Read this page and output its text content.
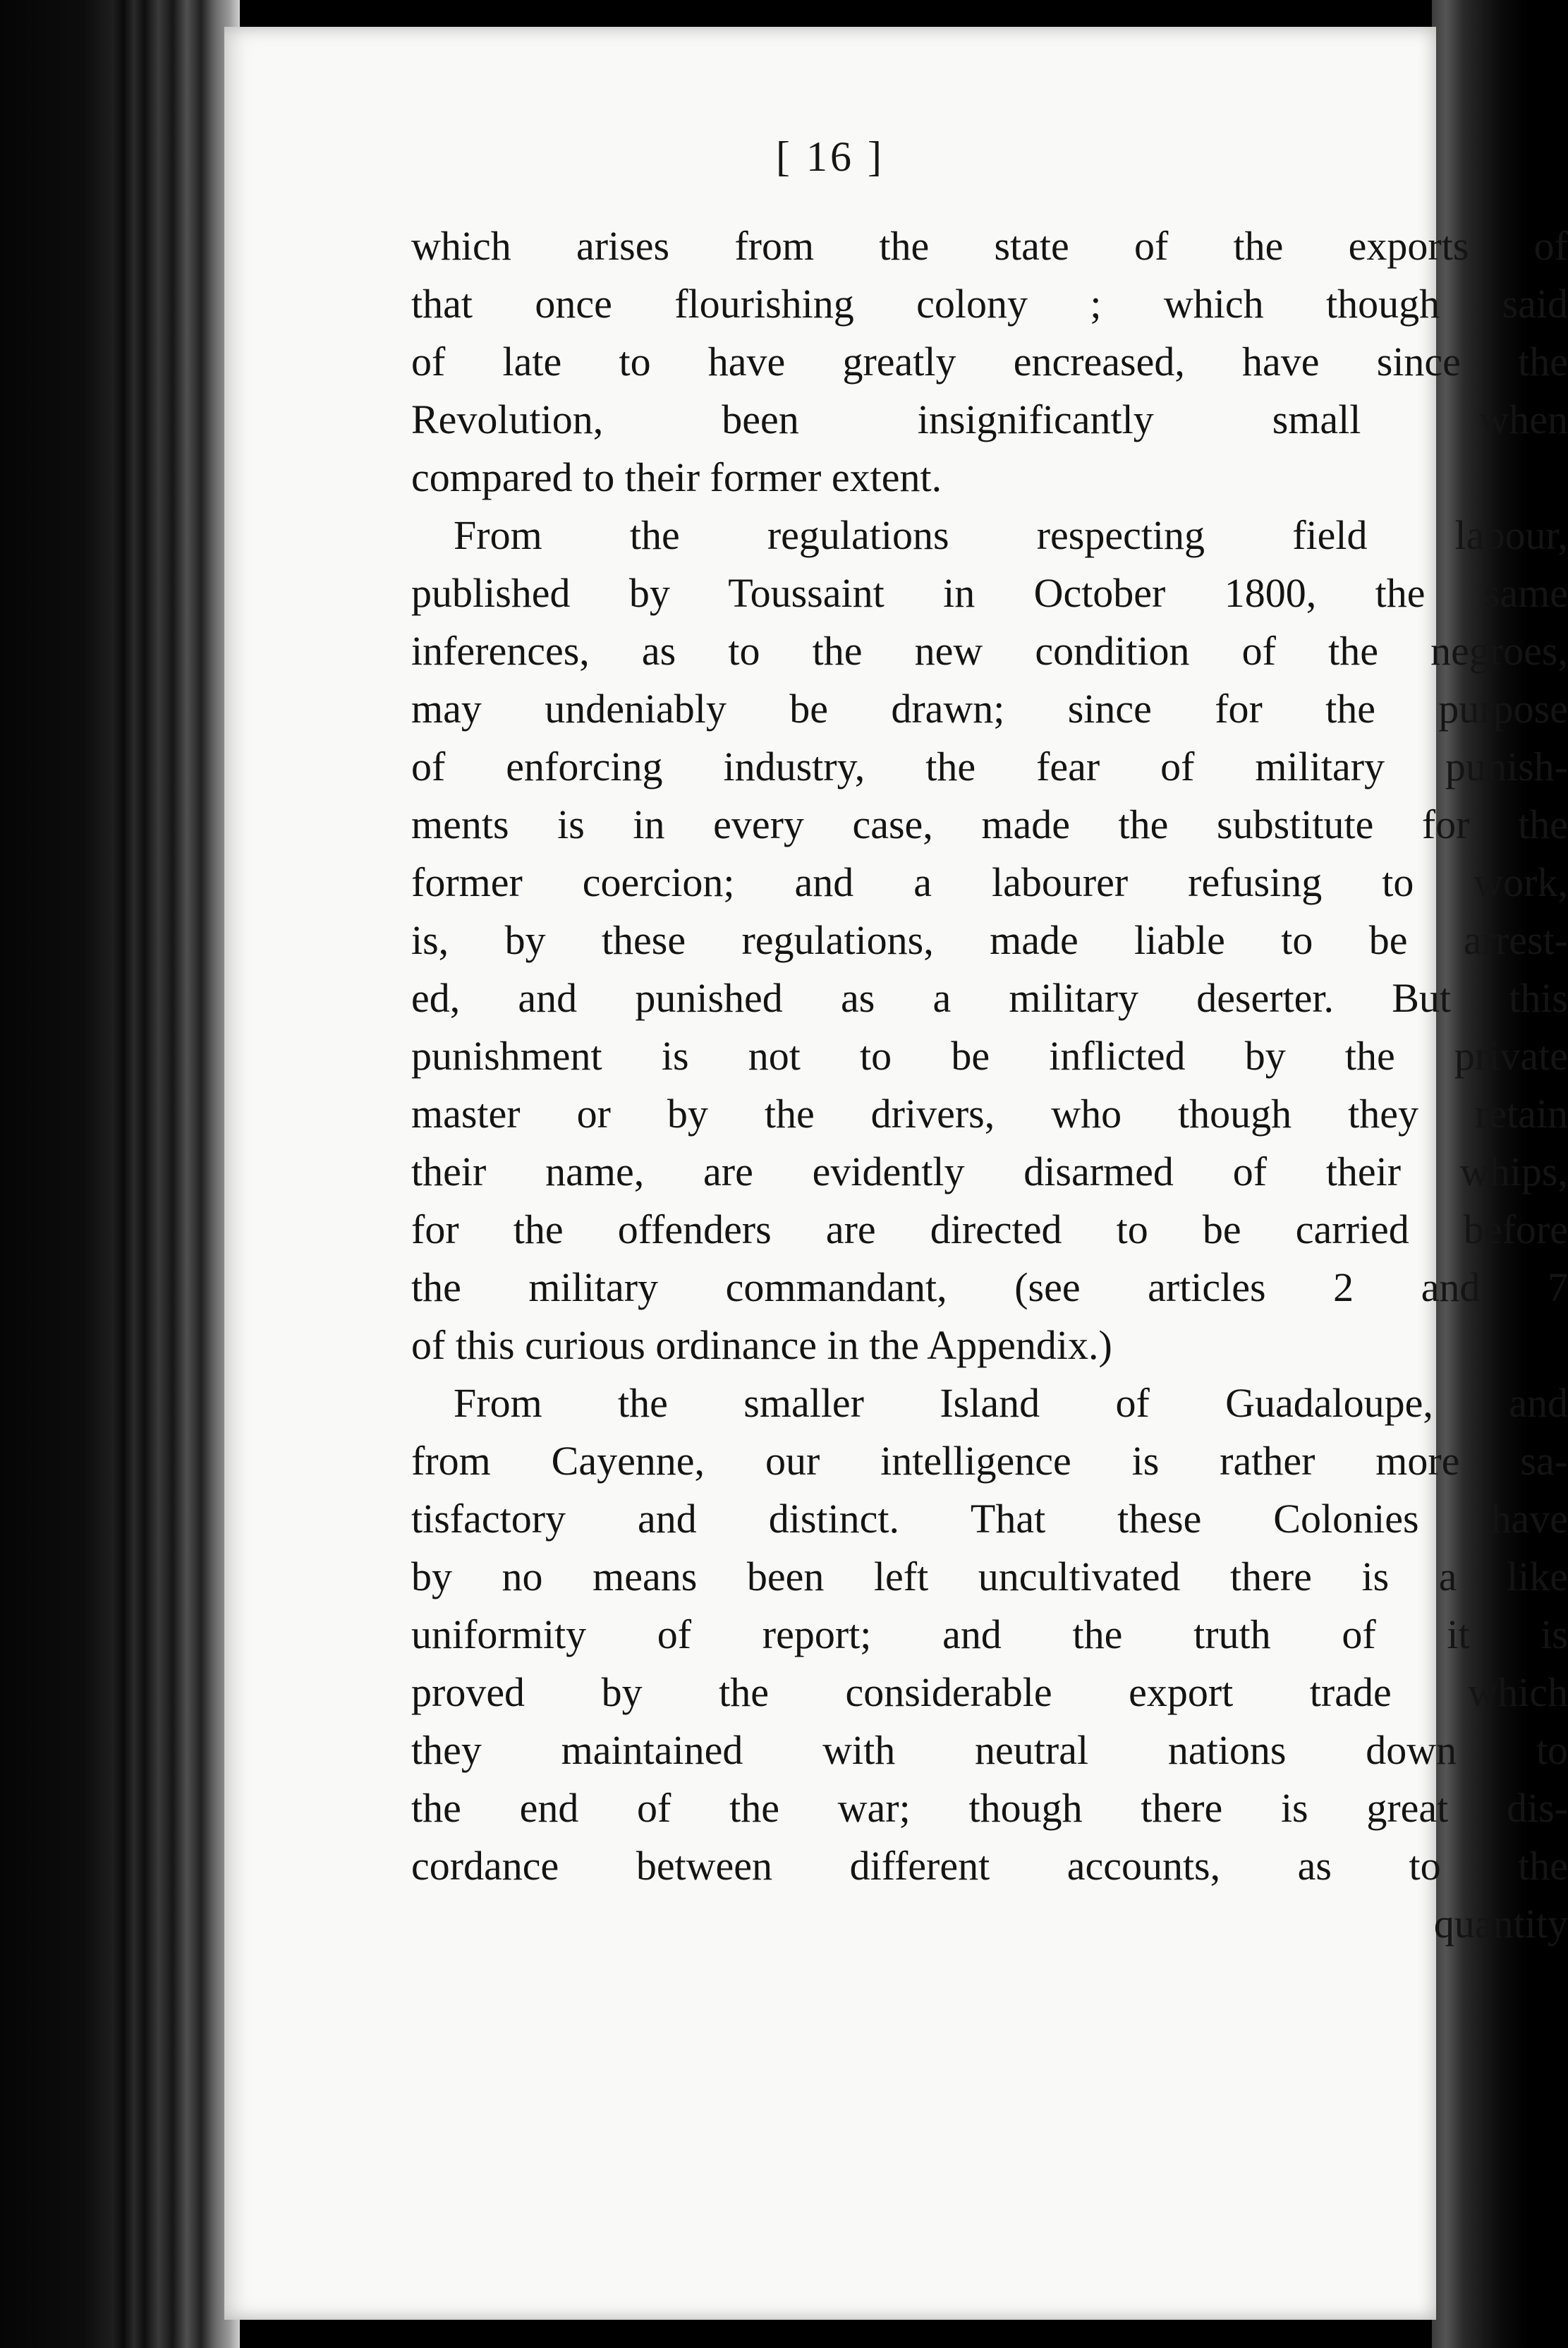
[ 16 ]
which arises from the state of the exports of
that once flourishing colony ; which though said
of late to have greatly encreased, have since the
Revolution, been insignificantly small when
compared to their former extent.
From the regulations respecting field labour,
published by Toussaint in October 1800, the same
inferences, as to the new condition of the negroes,
may undeniably be drawn; since for the purpose
of enforcing industry, the fear of military punish-
ments is in every case, made the substitute for the
former coercion; and a labourer refusing to work,
is, by these regulations, made liable to be arrest-
ed, and punished as a military deserter. But this
punishment is not to be inflicted by the private
master or by the drivers, who though they retain
their name, are evidently disarmed of their whips,
for the offenders are directed to be carried before
the military commandant, (see articles 2 and 7
of this curious ordinance in the Appendix.)
From the smaller Island of Guadaloupe, and
from Cayenne, our intelligence is rather more sa-
tisfactory and distinct. That these Colonies have
by no means been left uncultivated there is a like
uniformity of report; and the truth of it is
proved by the considerable export trade which
they maintained with neutral nations down to
the end of the war; though there is great dis-
cordance between different accounts, as to the
quantity
